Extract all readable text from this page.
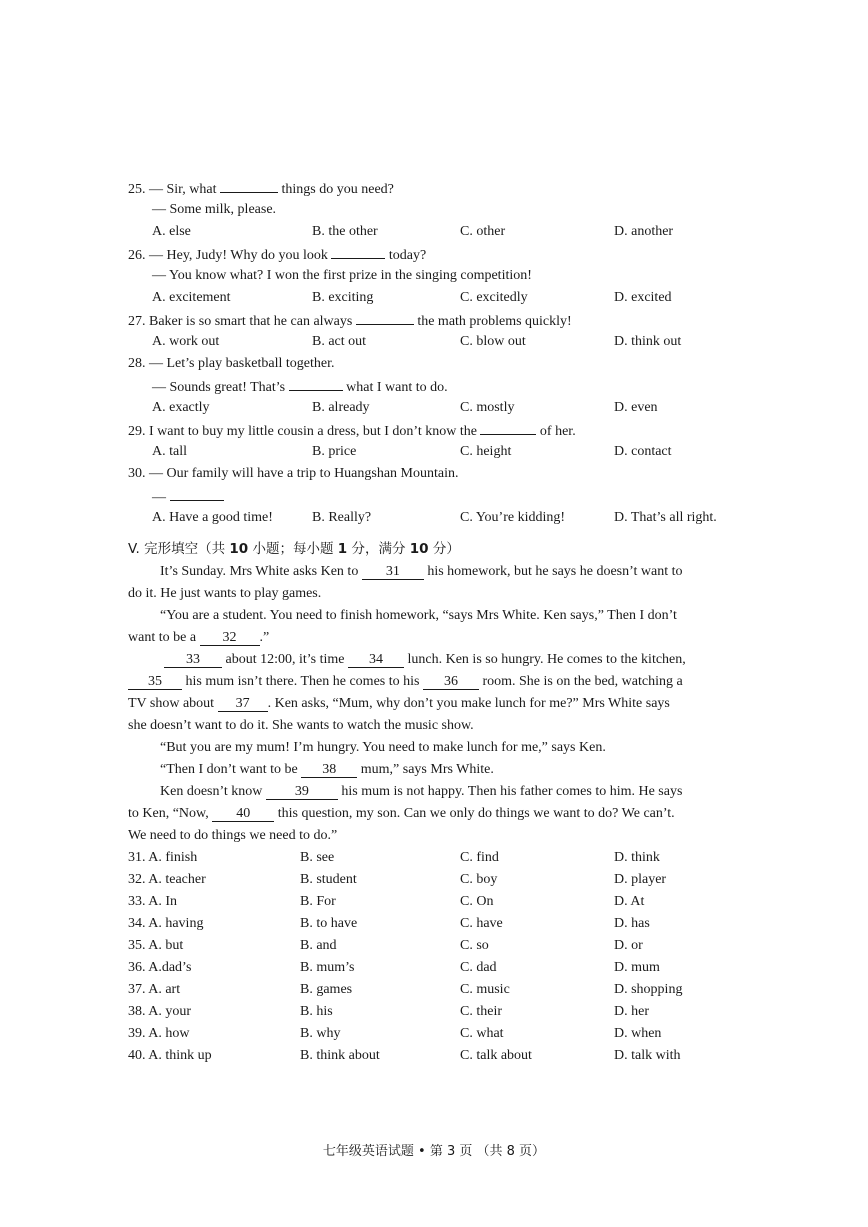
25. — Sir, what	things do you need?
— Some milk, please.
A. else	B. the other	C. other	D. another
26. — Hey, Judy! Why do you look	today?
— You know what? I won the first prize in the singing competition!
A. excitement	B. exciting	C. excitedly	D. excited
27. Baker is so smart that he can always	the math problems quickly!
A. work out	B. act out	C. blow out	D. think out
28. — Let’s play basketball together.
— Sounds great! That’s	what I want to do.
A. exactly	B. already	C. mostly	D. even
29. I want to buy my little cousin a dress, but I don’t know the	of her.
A. tall	B. price	C. height	D. contact
30. — Our family will have a trip to Huangshan Mountain.
—
A. Have a good time!	B. Really?	C. You’re kidding!	D. That’s all right.
V. 完形填空（共 10 小题；每小题 1 分，满分 10 分）
It’s Sunday. Mrs White asks Ken to 31 his homework, but he says he doesn’t want to
do it. He just wants to play games.
“You are a student. You need to finish homework, “says Mrs White. Ken says,” Then I don’t
want to be a 32 .”
33 about 12:00, it’s time 34 lunch. Ken is so hungry. He comes to the kitchen,
35 his mum isn’t there. Then he comes to his 36 room. She is on the bed, watching a
TV show about 37 . Ken asks, “Mum, why don’t you make lunch for me?” Mrs White says
she doesn’t want to do it. She wants to watch the music show.
“But you are my mum! I’m hungry. You need to make lunch for me,” says Ken.
“Then I don’t want to be 38 mum,” says Mrs White.
Ken doesn’t know 39 his mum is not happy. Then his father comes to him. He says
to Ken, “Now, 40 this question, my son. Can we only do things we want to do? We can’t.
We need to do things we need to do.”
31. A. finish	B. see	C. find	D. think
32. A. teacher	B. student	C. boy	D. player
33. A. In	B. For	C. On	D. At
34. A. having	B. to have	C. have	D. has
35. A. but	B. and	C. so	D. or
36. A.dad’s	B. mum’s	C. dad	D. mum
37. A. art	B. games	C. music	D. shopping
38. A. your	B. his	C. their	D. her
39. A. how	B. why	C. what	D. when
40. A. think up	B. think about	C. talk about	D. talk with
七年级英语试题 • 第 3 页 （共 8 页）
